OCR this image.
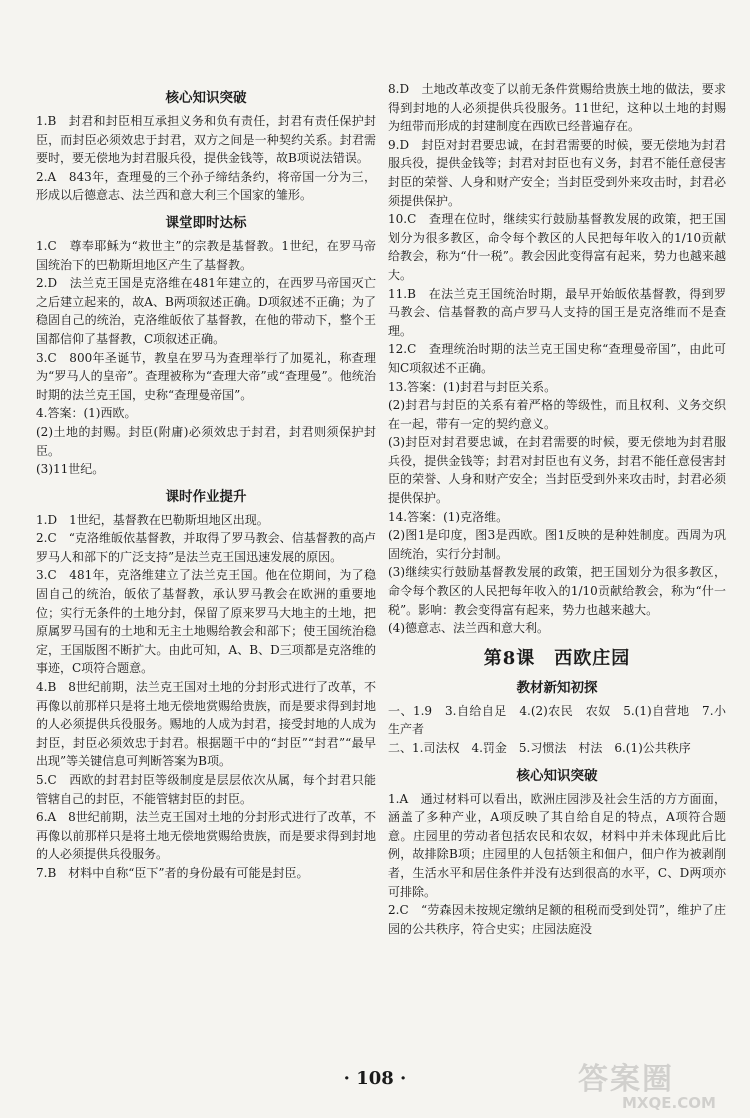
核心知识突破

1.B　封君和封臣相互承担义务和负有责任，封君有责任保护封臣，而封臣必须效忠于封君，双方之间是一种契约关系。封君需要时，要无偿地为封君服兵役，提供金钱等，故B项说法错误。

2.A　843年，查理曼的三个孙子缔结条约，将帝国一分为三，形成以后德意志、法兰西和意大利三个国家的雏形。

课堂即时达标

1.C　尊奉耶稣为“救世主”的宗教是基督教。1世纪，在罗马帝国统治下的巴勒斯坦地区产生了基督教。

2.D　法兰克王国是克洛维在481年建立的，在西罗马帝国灭亡之后建立起来的，故A、B两项叙述正确。D项叙述不正确；为了稳固自己的统治，克洛维皈依了基督教，在他的带动下，整个王国都信仰了基督教，C项叙述正确。

3.C　800年圣诞节，教皇在罗马为查理举行了加冕礼，称查理为“罗马人的皇帝”。查理被称为“查理大帝”或“查理曼”。他统治时期的法兰克王国，史称“查理曼帝国”。

4.答案：(1)西欧。

(2)土地的封赐。封臣(附庸)必须效忠于封君，封君则须保护封臣。

(3)11世纪。

课时作业提升

1.D　1世纪，基督教在巴勒斯坦地区出现。

2.C　“克洛维皈依基督教，并取得了罗马教会、信基督教的高卢罗马人和部下的广泛支持”是法兰克王国迅速发展的原因。

3.C　481年，克洛维建立了法兰克王国。他在位期间，为了稳固自己的统治，皈依了基督教，承认罗马教会在欧洲的重要地位；实行无条件的土地分封，保留了原来罗马大地主的土地，把原属罗马国有的土地和无主土地赐给教会和部下；使王国统治稳定，王国版图不断扩大。由此可知，A、B、D三项都是克洛维的事迹，C项符合题意。

4.B　8世纪前期，法兰克王国对土地的分封形式进行了改革，不再像以前那样只是将土地无偿地赏赐给贵族，而是要求得到封地的人必须提供兵役服务。赐地的人成为封君，接受封地的人成为封臣，封臣必须效忠于封君。根据题干中的“封臣”“封君”“最早出现”等关键信息可判断答案为B项。

5.C　西欧的封君封臣等级制度是层层依次从属，每个封君只能管辖自己的封臣，不能管辖封臣的封臣。

6.A　8世纪前期，法兰克王国对土地的分封形式进行了改革，不再像以前那样只是将土地无偿地赏赐给贵族，而是要求得到封地的人必须提供兵役服务。

7.B　材料中自称“臣下”者的身份最有可能是封臣。

8.D　土地改革改变了以前无条件赏赐给贵族土地的做法，要求得到封地的人必须提供兵役服务。11世纪，这种以土地的封赐为纽带而形成的封建制度在西欧已经普遍存在。

9.D　封臣对封君要忠诚，在封君需要的时候，要无偿地为封君服兵役，提供金钱等；封君对封臣也有义务，封君不能任意侵害封臣的荣誉、人身和财产安全；当封臣受到外来攻击时，封君必须提供保护。

10.C　查理在位时，继续实行鼓励基督教发展的政策，把王国划分为很多教区，命令每个教区的人民把每年收入的1/10贡献给教会，称为“什一税”。教会因此变得富有起来，势力也越来越大。

11.B　在法兰克王国统治时期，最早开始皈依基督教，得到罗马教会、信基督教的高卢罗马人支持的国王是克洛维而不是查理。

12.C　查理统治时期的法兰克王国史称“查理曼帝国”，由此可知C项叙述不正确。

13.答案：(1)封君与封臣关系。

(2)封君与封臣的关系有着严格的等级性，而且权利、义务交织在一起，带有一定的契约意义。

(3)封臣对封君要忠诚，在封君需要的时候，要无偿地为封君服兵役，提供金钱等；封君对封臣也有义务，封君不能任意侵害封臣的荣誉、人身和财产安全；当封臣受到外来攻击时，封君必须提供保护。

14.答案：(1)克洛维。

(2)图1是印度，图3是西欧。图1反映的是种姓制度。西周为巩固统治，实行分封制。

(3)继续实行鼓励基督教发展的政策，把王国划分为很多教区，命令每个教区的人民把每年收入的1/10贡献给教会，称为“什一税”。影响：教会变得富有起来，势力也越来越大。

(4)德意志、法兰西和意大利。

第8课　西欧庄园
教材新知初探

一、1.9　3.自给自足　4.(2)农民　农奴　5.(1)自营地　7.小生产者

二、1.司法权　4.罚金　5.习惯法　村法　6.(1)公共秩序

核心知识突破

1.A　通过材料可以看出，欧洲庄园涉及社会生活的方方面面，涵盖了多种产业，A项反映了其自给自足的特点，A项符合题意。庄园里的劳动者包括农民和农奴，材料中并未体现此后比例，故排除B项；庄园里的人包括领主和佃户，佃户作为被剥削者，生活水平和居住条件并没有达到很高的水平，C、D两项亦可排除。

2.C　“劳森因未按规定缴纳足额的租税而受到处罚”，维护了庄园的公共秩序，符合史实；庄园法庭没

· 108 ·	答案圈
MXQE.COM
